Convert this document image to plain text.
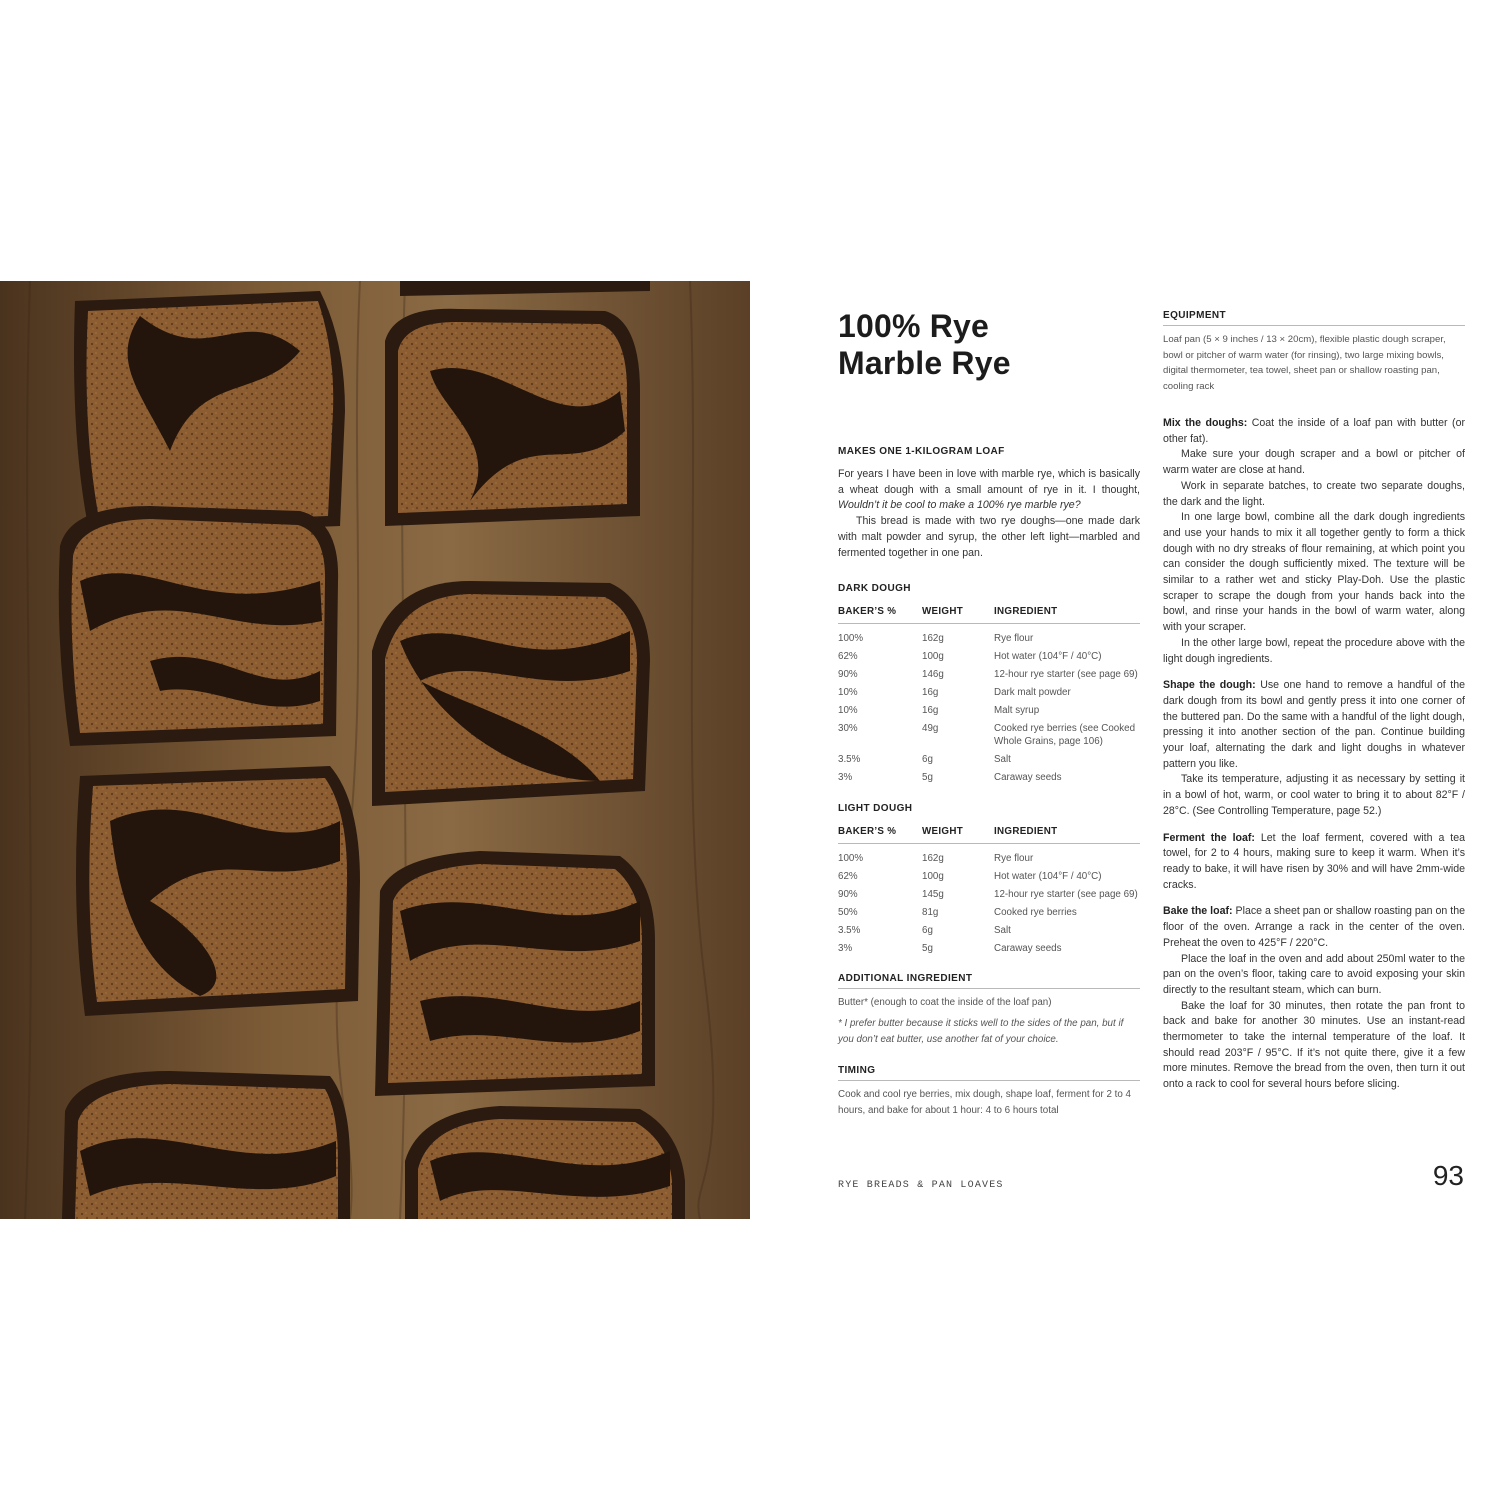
100% Rye
Marble Rye
MAKES ONE 1-KILOGRAM LOAF

For years I have been in love with marble rye, which is basically a wheat dough with a small amount of rye in it. I thought, Wouldn’t it be cool to make a 100% rye marble rye?

This bread is made with two rye doughs—one made dark with malt powder and syrup, the other left light—marbled and fermented together in one pan.

DARK DOUGH
BAKER’S %	WEIGHT	INGREDIENT
100%	162g	Rye flour
62%	100g	Hot water (104°F / 40°C)
90%	146g	12-hour rye starter (see page 69)
10%	16g	Dark malt powder
10%	16g	Malt syrup
30%	49g	Cooked rye berries (see Cooked Whole Grains, page 106)
3.5%	6g	Salt
3%	5g	Caraway seeds
LIGHT DOUGH
BAKER’S %	WEIGHT	INGREDIENT
100%	162g	Rye flour
62%	100g	Hot water (104°F / 40°C)
90%	145g	12-hour rye starter (see page 69)
50%	81g	Cooked rye berries
3.5%	6g	Salt
3%	5g	Caraway seeds
ADDITIONAL INGREDIENT
Butter* (enough to coat the inside of the loaf pan)
* I prefer butter because it sticks well to the sides of the pan, but if you don’t eat butter, use another fat of your choice.
TIMING
Cook and cool rye berries, mix dough, shape loaf, ferment for 2 to 4 hours, and bake for about 1 hour: 4 to 6 hours total
EQUIPMENT
Loaf pan (5 × 9 inches / 13 × 20cm), flexible plastic dough scraper, bowl or pitcher of warm water (for rinsing), two large mixing bowls, digital thermometer, tea towel, sheet pan or shallow roasting pan, cooling rack

Mix the doughs: Coat the inside of a loaf pan with butter (or other fat).

Make sure your dough scraper and a bowl or pitcher of warm water are close at hand.

Work in separate batches, to create two separate doughs, the dark and the light.

In one large bowl, combine all the dark dough ingredients and use your hands to mix it all together gently to form a thick dough with no dry streaks of flour remaining, at which point you can consider the dough sufficiently mixed. The texture will be similar to a rather wet and sticky Play-Doh. Use the plastic scraper to scrape the dough from your hands back into the bowl, and rinse your hands in the bowl of warm water, along with your scraper.

In the other large bowl, repeat the procedure above with the light dough ingredients.

Shape the dough: Use one hand to remove a handful of the dark dough from its bowl and gently press it into one corner of the buttered pan. Do the same with a handful of the light dough, pressing it into another section of the pan. Continue building your loaf, alternating the dark and light doughs in whatever pattern you like.

Take its temperature, adjusting it as necessary by setting it in a bowl of hot, warm, or cool water to bring it to about 82°F / 28°C. (See Controlling Temperature, page 52.)

Ferment the loaf: Let the loaf ferment, covered with a tea towel, for 2 to 4 hours, making sure to keep it warm. When it’s ready to bake, it will have risen by 30% and will have 2mm-wide cracks.

Bake the loaf: Place a sheet pan or shallow roasting pan on the floor of the oven. Arrange a rack in the center of the oven. Preheat the oven to 425°F / 220°C.

Place the loaf in the oven and add about 250ml water to the pan on the oven’s floor, taking care to avoid exposing your skin directly to the resultant steam, which can burn.

Bake the loaf for 30 minutes, then rotate the pan front to back and bake for another 30 minutes. Use an instant-read thermometer to take the internal temperature of the loaf. It should read 203°F / 95°C. If it’s not quite there, give it a few more minutes. Remove the bread from the oven, then turn it out onto a rack to cool for several hours before slicing.

RYE BREADS & PAN LOAVES	93
